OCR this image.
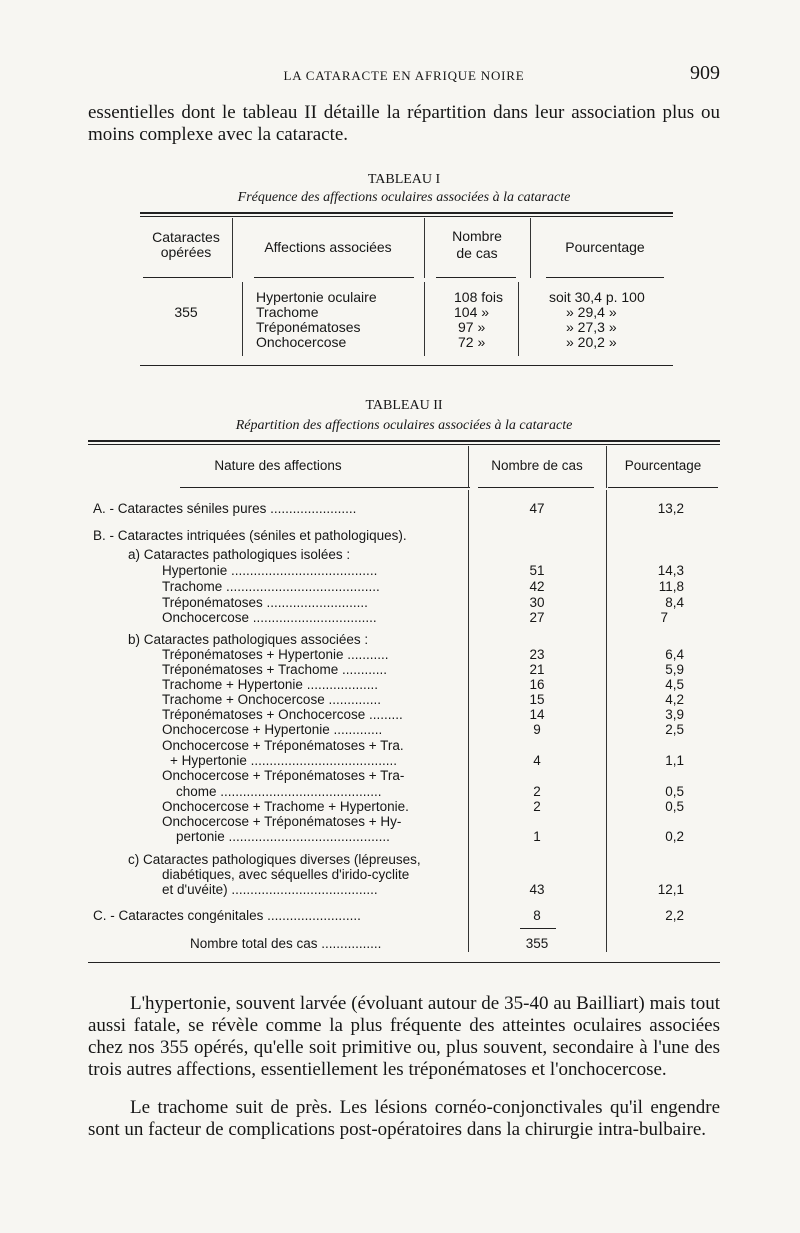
LA CATARACTE EN AFRIQUE NOIRE	909
essentielles dont le tableau II détaille la répartition dans leur association plus ou moins complexe avec la cataracte.
TABLEAU I
Fréquence des affections oculaires associées à la cataracte
Cataractes
opérées	Affections associées
Nombre
de cas	Pourcentage
355
Hypertonie oculaire	108 fois	soit 30,4 p. 100
Trachome	104 »	» 29,4 »
Tréponématoses	97 »	» 27,3 »
Onchocercose	72 »	» 20,2 »
TABLEAU II
Répartition des affections oculaires associées à la cataracte
Nature des affections	Nombre de cas	Pourcentage
A. - Cataractes séniles pures .......................	47	13,2
B. - Cataractes intriquées (séniles et pathologiques).
a) Cataractes pathologiques isolées :
Hypertonie .......................................	51	14,3
Trachome .........................................	42	11,8
Tréponématoses ...........................	30	8,4
Onchocercose .................................	27	7
b) Cataractes pathologiques associées :
Tréponématoses + Hypertonie ...........	23	6,4
Tréponématoses + Trachome ............	21	5,9
Trachome + Hypertonie ...................	16	4,5
Trachome + Onchocercose ..............	15	4,2
Tréponématoses + Onchocercose .........	14	3,9
Onchocercose + Hypertonie .............	9	2,5
Onchocercose + Tréponématoses + Tra.
+ Hypertonie .......................................	4	1,1
Onchocercose + Tréponématoses + Tra-
chome ...........................................	2	0,5
Onchocercose + Trachome + Hypertonie.	2	0,5
Onchocercose + Tréponématoses + Hy-
pertonie ...........................................	1	0,2
c) Cataractes pathologiques diverses (lépreuses,
diabétiques, avec séquelles d'irido-cyclite
et d'uvéite) .......................................	43	12,1
C. - Cataractes congénitales .........................	8	2,2
Nombre total des cas ................	355
L'hypertonie, souvent larvée (évoluant autour de 35-40 au Bailliart) mais tout aussi fatale, se révèle comme la plus fréquente des atteintes oculaires associées chez nos 355 opérés, qu'elle soit primitive ou, plus souvent, secondaire à l'une des trois autres affections, essentiellement les tréponématoses et l'onchocercose.
Le trachome suit de près. Les lésions cornéo-conjonctivales qu'il engendre sont un facteur de complications post-opératoires dans la chirurgie intra-bulbaire.
